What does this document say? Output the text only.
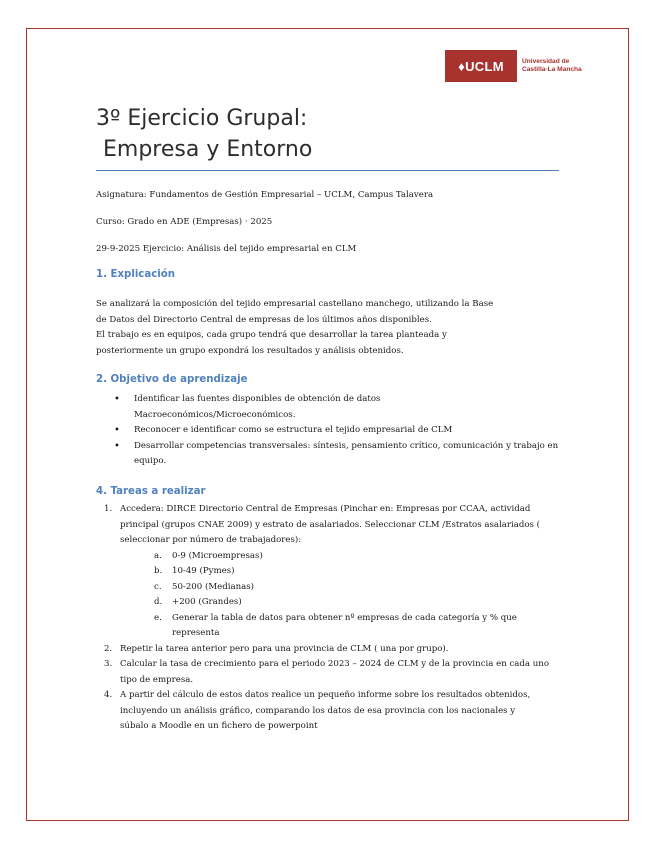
♦UCLM	Universidad de
Castilla-La Mancha
3º Ejercicio Grupal:
Empresa y Entorno
Asignatura: Fundamentos de Gestión Empresarial – UCLM, Campus Talavera
Curso: Grado en ADE (Empresas) · 2025
29-9-2025 Ejercicio: Análisis del tejido empresarial en CLM
1. Explicación
Se analizará la composición del tejido empresarial castellano manchego, utilizando la Base
de Datos del Directorio Central de empresas de los últimos años disponibles.
El trabajo es en equipos, cada grupo tendrá que desarrollar la tarea planteada y
posteriormente un grupo expondrá los resultados y análisis obtenidos.
2. Objetivo de aprendizaje
• Identificar las fuentes disponibles de obtención de datos Macroeconómicos/Microeconómicos.
• Reconocer e identificar como se estructura el tejido empresarial de CLM
• Desarrollar competencias transversales: síntesis, pensamiento crítico, comunicación y trabajo en equipo.
4. Tareas a realizar
1. Accedera: DIRCE Directorio Central de Empresas (Pinchar en: Empresas por CCAA, actividad principal (grupos CNAE 2009) y estrato de asalariados. Seleccionar CLM /Estratos asalariados ( seleccionar por número de trabajadores):
a. 0-9 (Microempresas)
b. 10-49 (Pymes)
c. 50-200 (Medianas)
d. +200 (Grandes)
e. Generar la tabla de datos para obtener nº empresas de cada categoría y % que representa
2. Repetir la tarea anterior pero para una provincia de CLM ( una por grupo).
3. Calcular la tasa de crecimiento para el periodo 2023 – 2024 de CLM y de la provincia en cada uno tipo de empresa.
4. A partir del cálculo de estos datos realice un pequeño informe sobre los resultados obtenidos, incluyendo un análisis gráfico, comparando los datos de esa provincia con los nacionales y súbalo a Moodle en un fichero de powerpoint
